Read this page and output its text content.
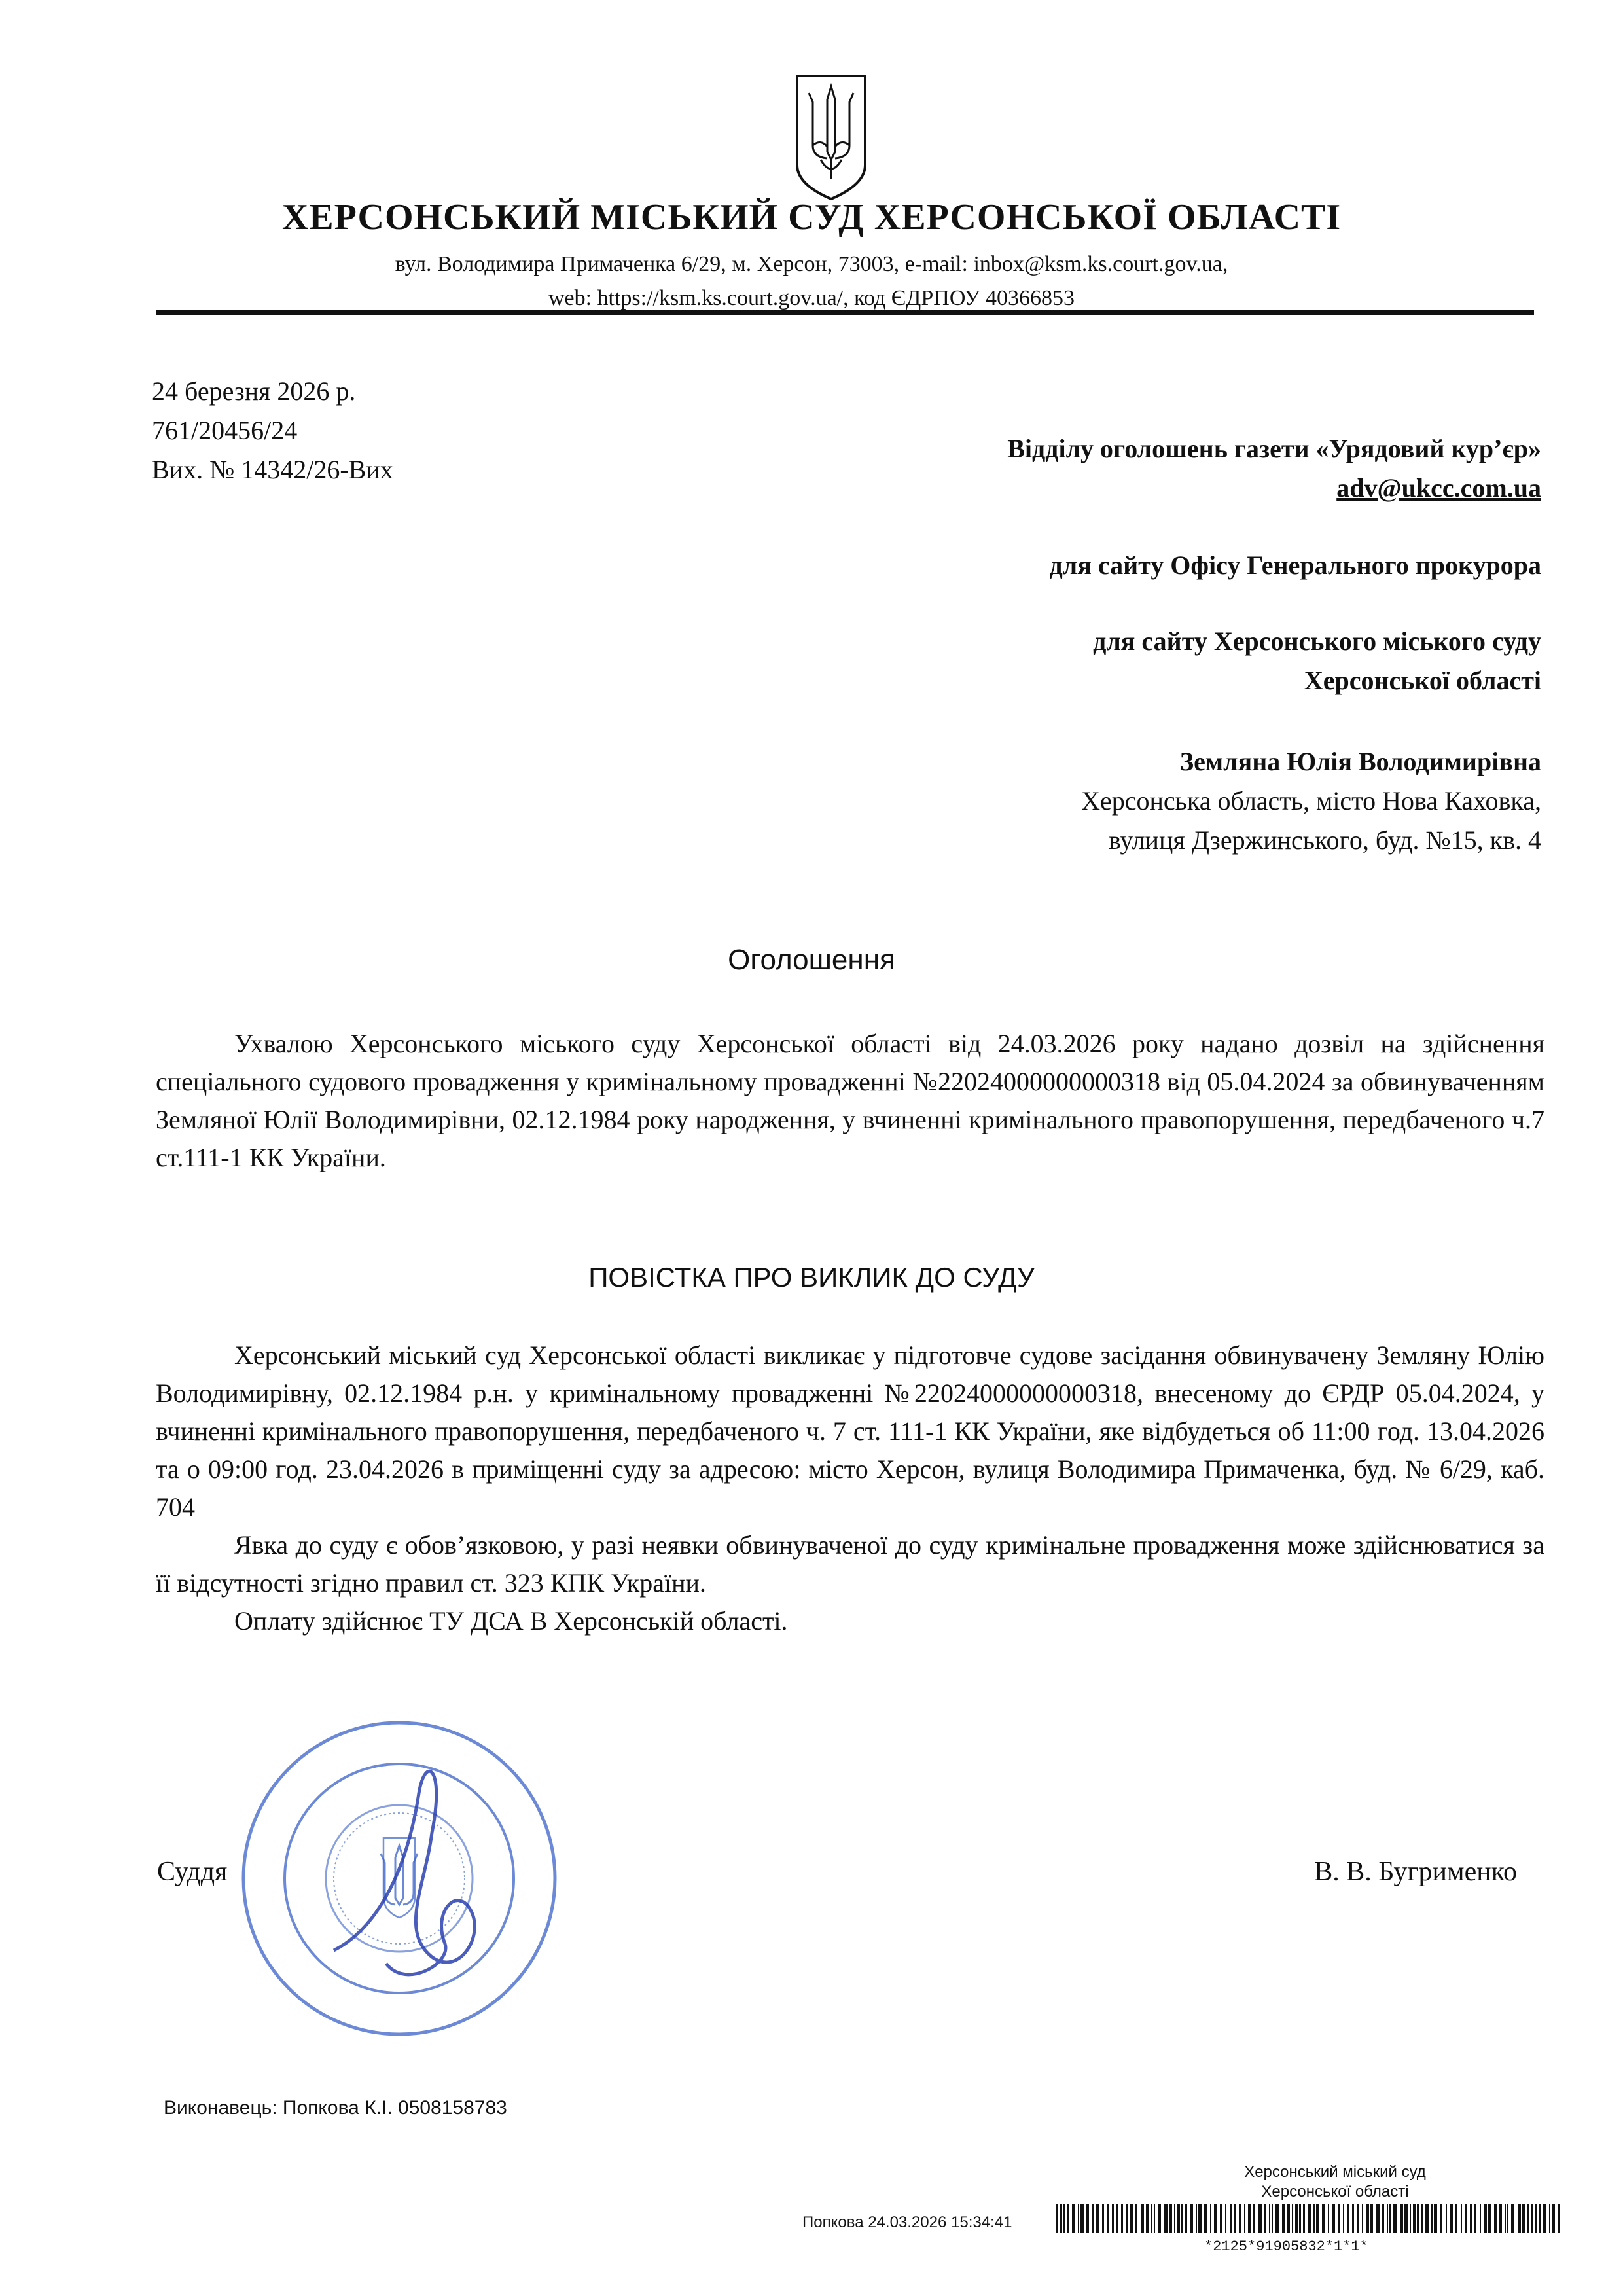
ХЕРСОНСЬКИЙ МІСЬКИЙ СУД ХЕРСОНСЬКОЇ ОБЛАСТІ
вул. Володимира Примаченка 6/29, м. Херсон, 73003, e-mail: inbox@ksm.ks.court.gov.ua,
web: https://ksm.ks.court.gov.ua/, код ЄДРПОУ 40366853
24 березня 2026 р.
761/20456/24
Вих. № 14342/26-Вих
Відділу оголошень газети «Урядовий кур’єр»
adv@ukcc.com.ua
для сайту Офісу Генерального прокурора
для сайту Херсонського міського суду
Херсонської області
Земляна Юлія Володимирівна
Херсонська область, місто Нова Каховка,
вулиця Дзержинського, буд. №15, кв. 4
Оголошення

Ухвалою Херсонського міського суду Херсонської області від 24.03.2026 року надано дозвіл на здійснення спеціального судового провадження у кримінальному провадженні №22024000000000318 від 05.04.2024 за обвинуваченням Земляної Юлії Володимирівни, 02.12.1984 року народження, у вчиненні кримінального правопорушення, передбаченого ч.7 ст.111-1 КК України.

ПОВІСТКА ПРО ВИКЛИК ДО СУДУ

Херсонський міський суд Херсонської області викликає у підготовче судове засідання обвинувачену Земляну Юлію Володимирівну, 02.12.1984 р.н. у кримінальному провадженні №22024000000000318, внесеному до ЄРДР 05.04.2024, у вчиненні кримінального правопорушення, передбаченого ч. 7 ст. 111-1 КК України, яке відбудеться об 11:00 год. 13.04.2026 та о 09:00 год. 23.04.2026 в приміщенні суду за адресою: місто Херсон, вулиця Володимира Примаченка, буд. № 6/29, каб. 704

Явка до суду є обов’язковою, у разі неявки обвинуваченої до суду кримінальне провадження може здійснюватися за її відсутності згідно правил ст. 323 КПК України.

Оплату здійснює ТУ ДСА В Херсонській області.

Суддя	В. В. Бугрименко
Виконавець: Попкова К.І. 0508158783
Херсонський міський суд
Херсонської області
Попкова 24.03.2026 15:34:41
*2125*91905832*1*1*
